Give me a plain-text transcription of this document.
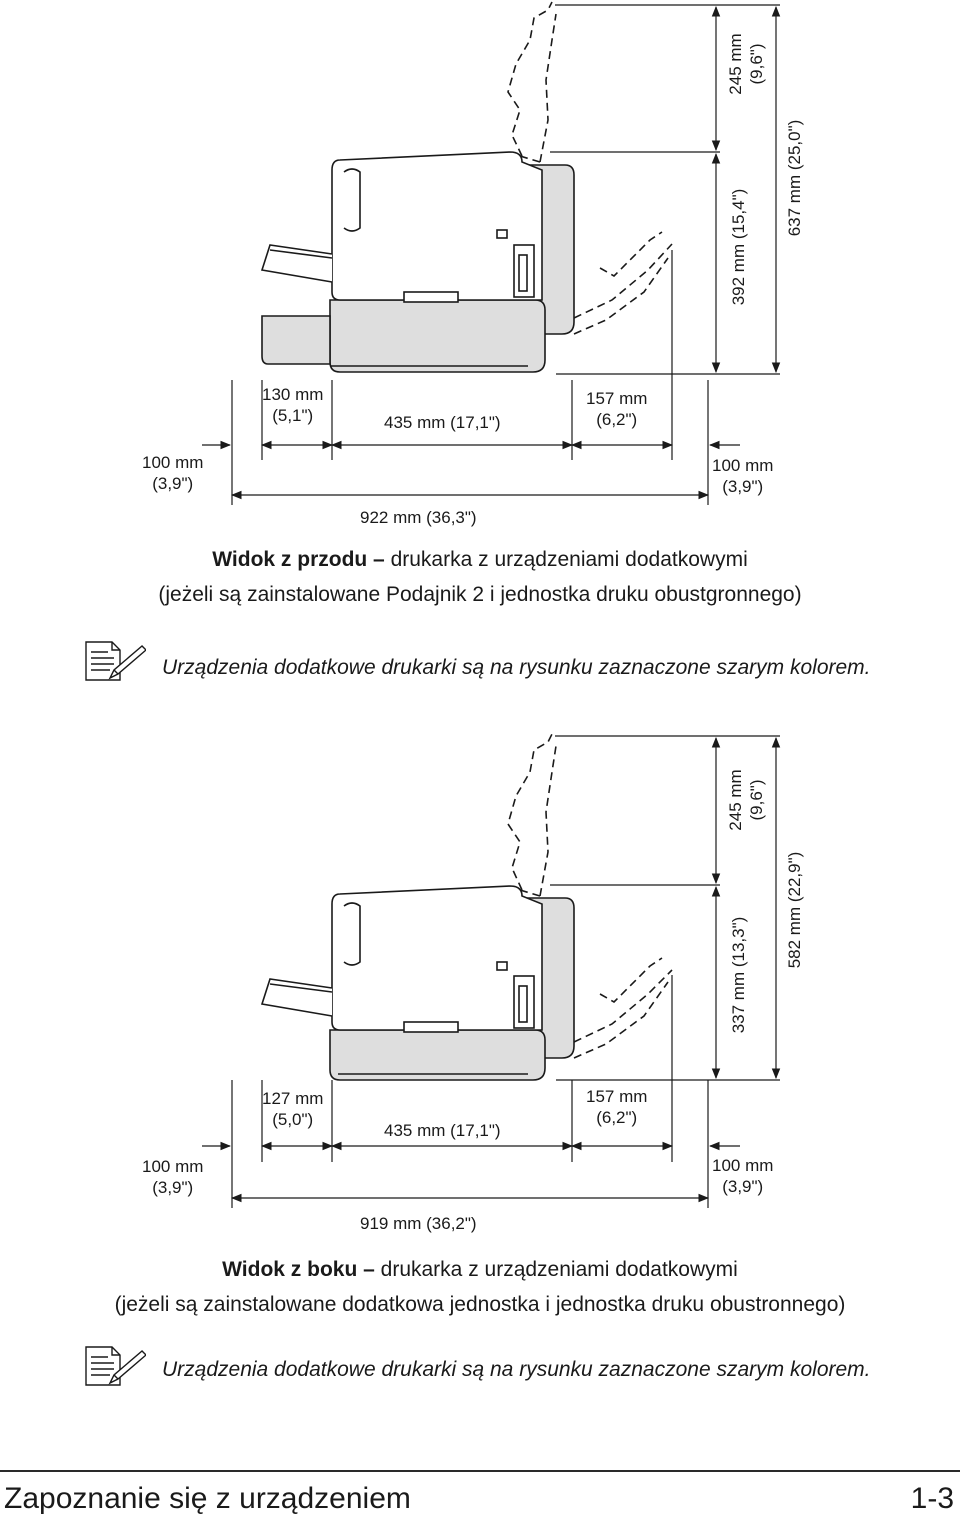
100 mm
(3,9")
130 mm
(5,1")	435 mm (17,1")
157 mm
(6,2")
100 mm
(3,9")
922 mm (36,3")
392 mm (15,4")
245 mm (9,6")
637 mm (25,0")
Widok z przodu – drukarka z urządzeniami dodatkowymi
(jeżeli są zainstalowane Podajnik 2 i jednostka druku obustgronnego)
Urządzenia dodatkowe drukarki są na rysunku zaznaczone szarym kolorem.
100 mm
(3,9")
127 mm
(5,0")
435 mm (17,1")
157 mm
(6,2")
100 mm
(3,9")
919 mm (36,2")
337 mm (13,3")
245 mm (9,6")
582 mm (22,9")
Widok z boku – drukarka z urządzeniami dodatkowymi
(jeżeli są zainstalowane dodatkowa jednostka i jednostka druku obustronnego)
Urządzenia dodatkowe drukarki są na rysunku zaznaczone szarym kolorem.
Zapoznanie się z urządzeniem	1-3
